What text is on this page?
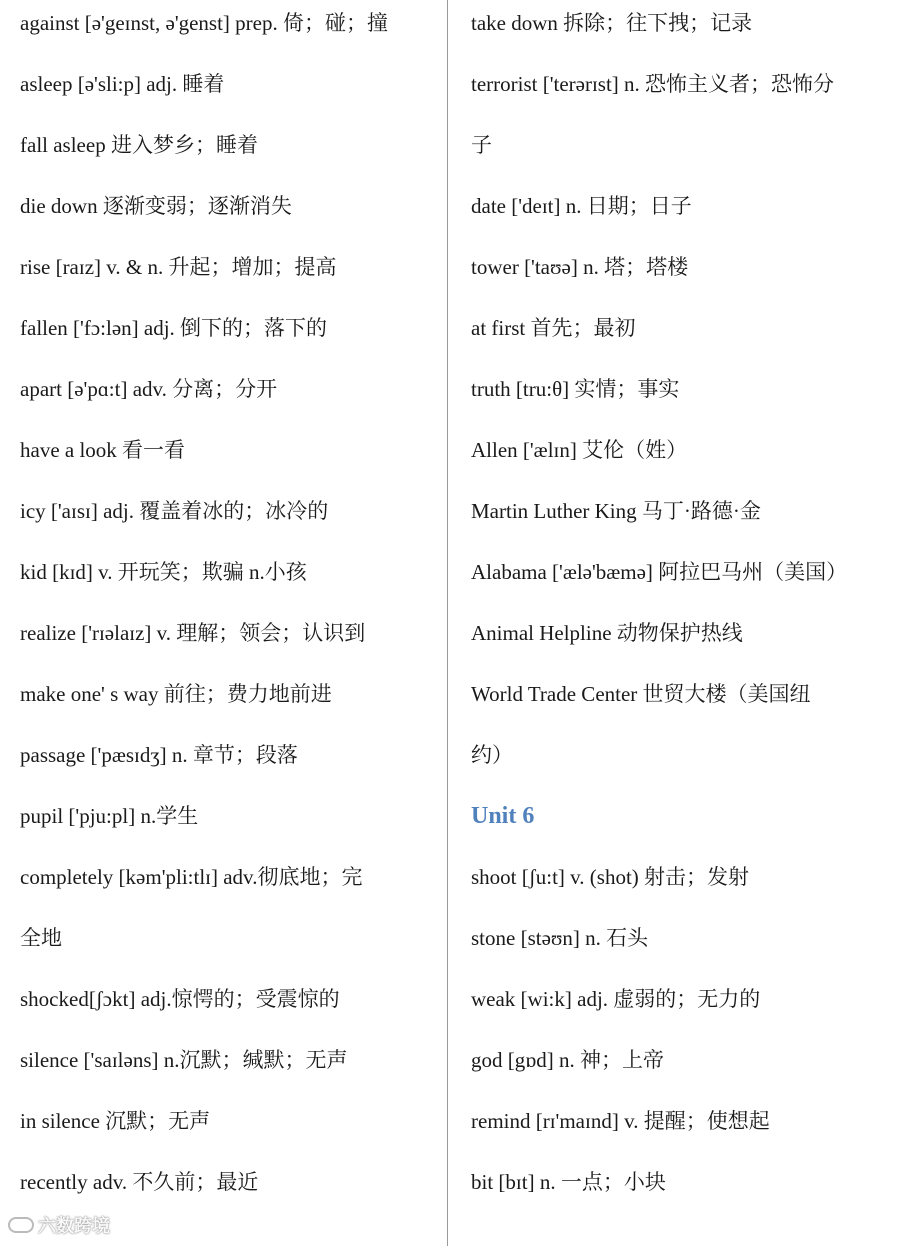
against [ə'geɪnst, ə'genst] prep. 倚；碰；撞
asleep [ə'sli:p] adj. 睡着
fall asleep 进入梦乡；睡着
die down 逐渐变弱；逐渐消失
rise [raɪz] v. & n. 升起；增加；提高
fallen ['fɔ:lən] adj. 倒下的；落下的
apart [ə'pɑ:t] adv. 分离；分开
have a look 看一看
icy ['aɪsɪ] adj. 覆盖着冰的；冰冷的
kid [kɪd] v. 开玩笑；欺骗 n.小孩
realize ['rɪəlaɪz] v. 理解；领会；认识到
make one' s way 前往；费力地前进
passage ['pæsɪdʒ] n. 章节；段落
pupil ['pju:pl] n.学生
completely [kəm'pli:tlɪ] adv.彻底地；完
全地
shocked[ʃɔkt] adj.惊愕的；受震惊的
silence ['saɪləns] n.沉默；缄默；无声
in silence 沉默；无声
recently adv. 不久前；最近
take down 拆除；往下拽；记录
terrorist ['terərɪst] n. 恐怖主义者；恐怖分
子
date ['deɪt] n. 日期；日子
tower ['taʊə] n. 塔；塔楼
at first 首先；最初
truth [tru:θ] 实情；事实
Allen ['ælɪn] 艾伦（姓）
Martin Luther King 马丁·路德·金
Alabama ['ælə'bæmə] 阿拉巴马州（美国）
Animal Helpline 动物保护热线
World Trade Center 世贸大楼（美国纽
约）
Unit 6
shoot [ʃu:t] v. (shot) 射击；发射
stone [stəʊn] n. 石头
weak [wi:k] adj. 虚弱的；无力的
god [gɒd] n. 神；上帝
remind [rɪ'maɪnd] v. 提醒；使想起
bit [bɪt] n. 一点；小块
六数跨境
